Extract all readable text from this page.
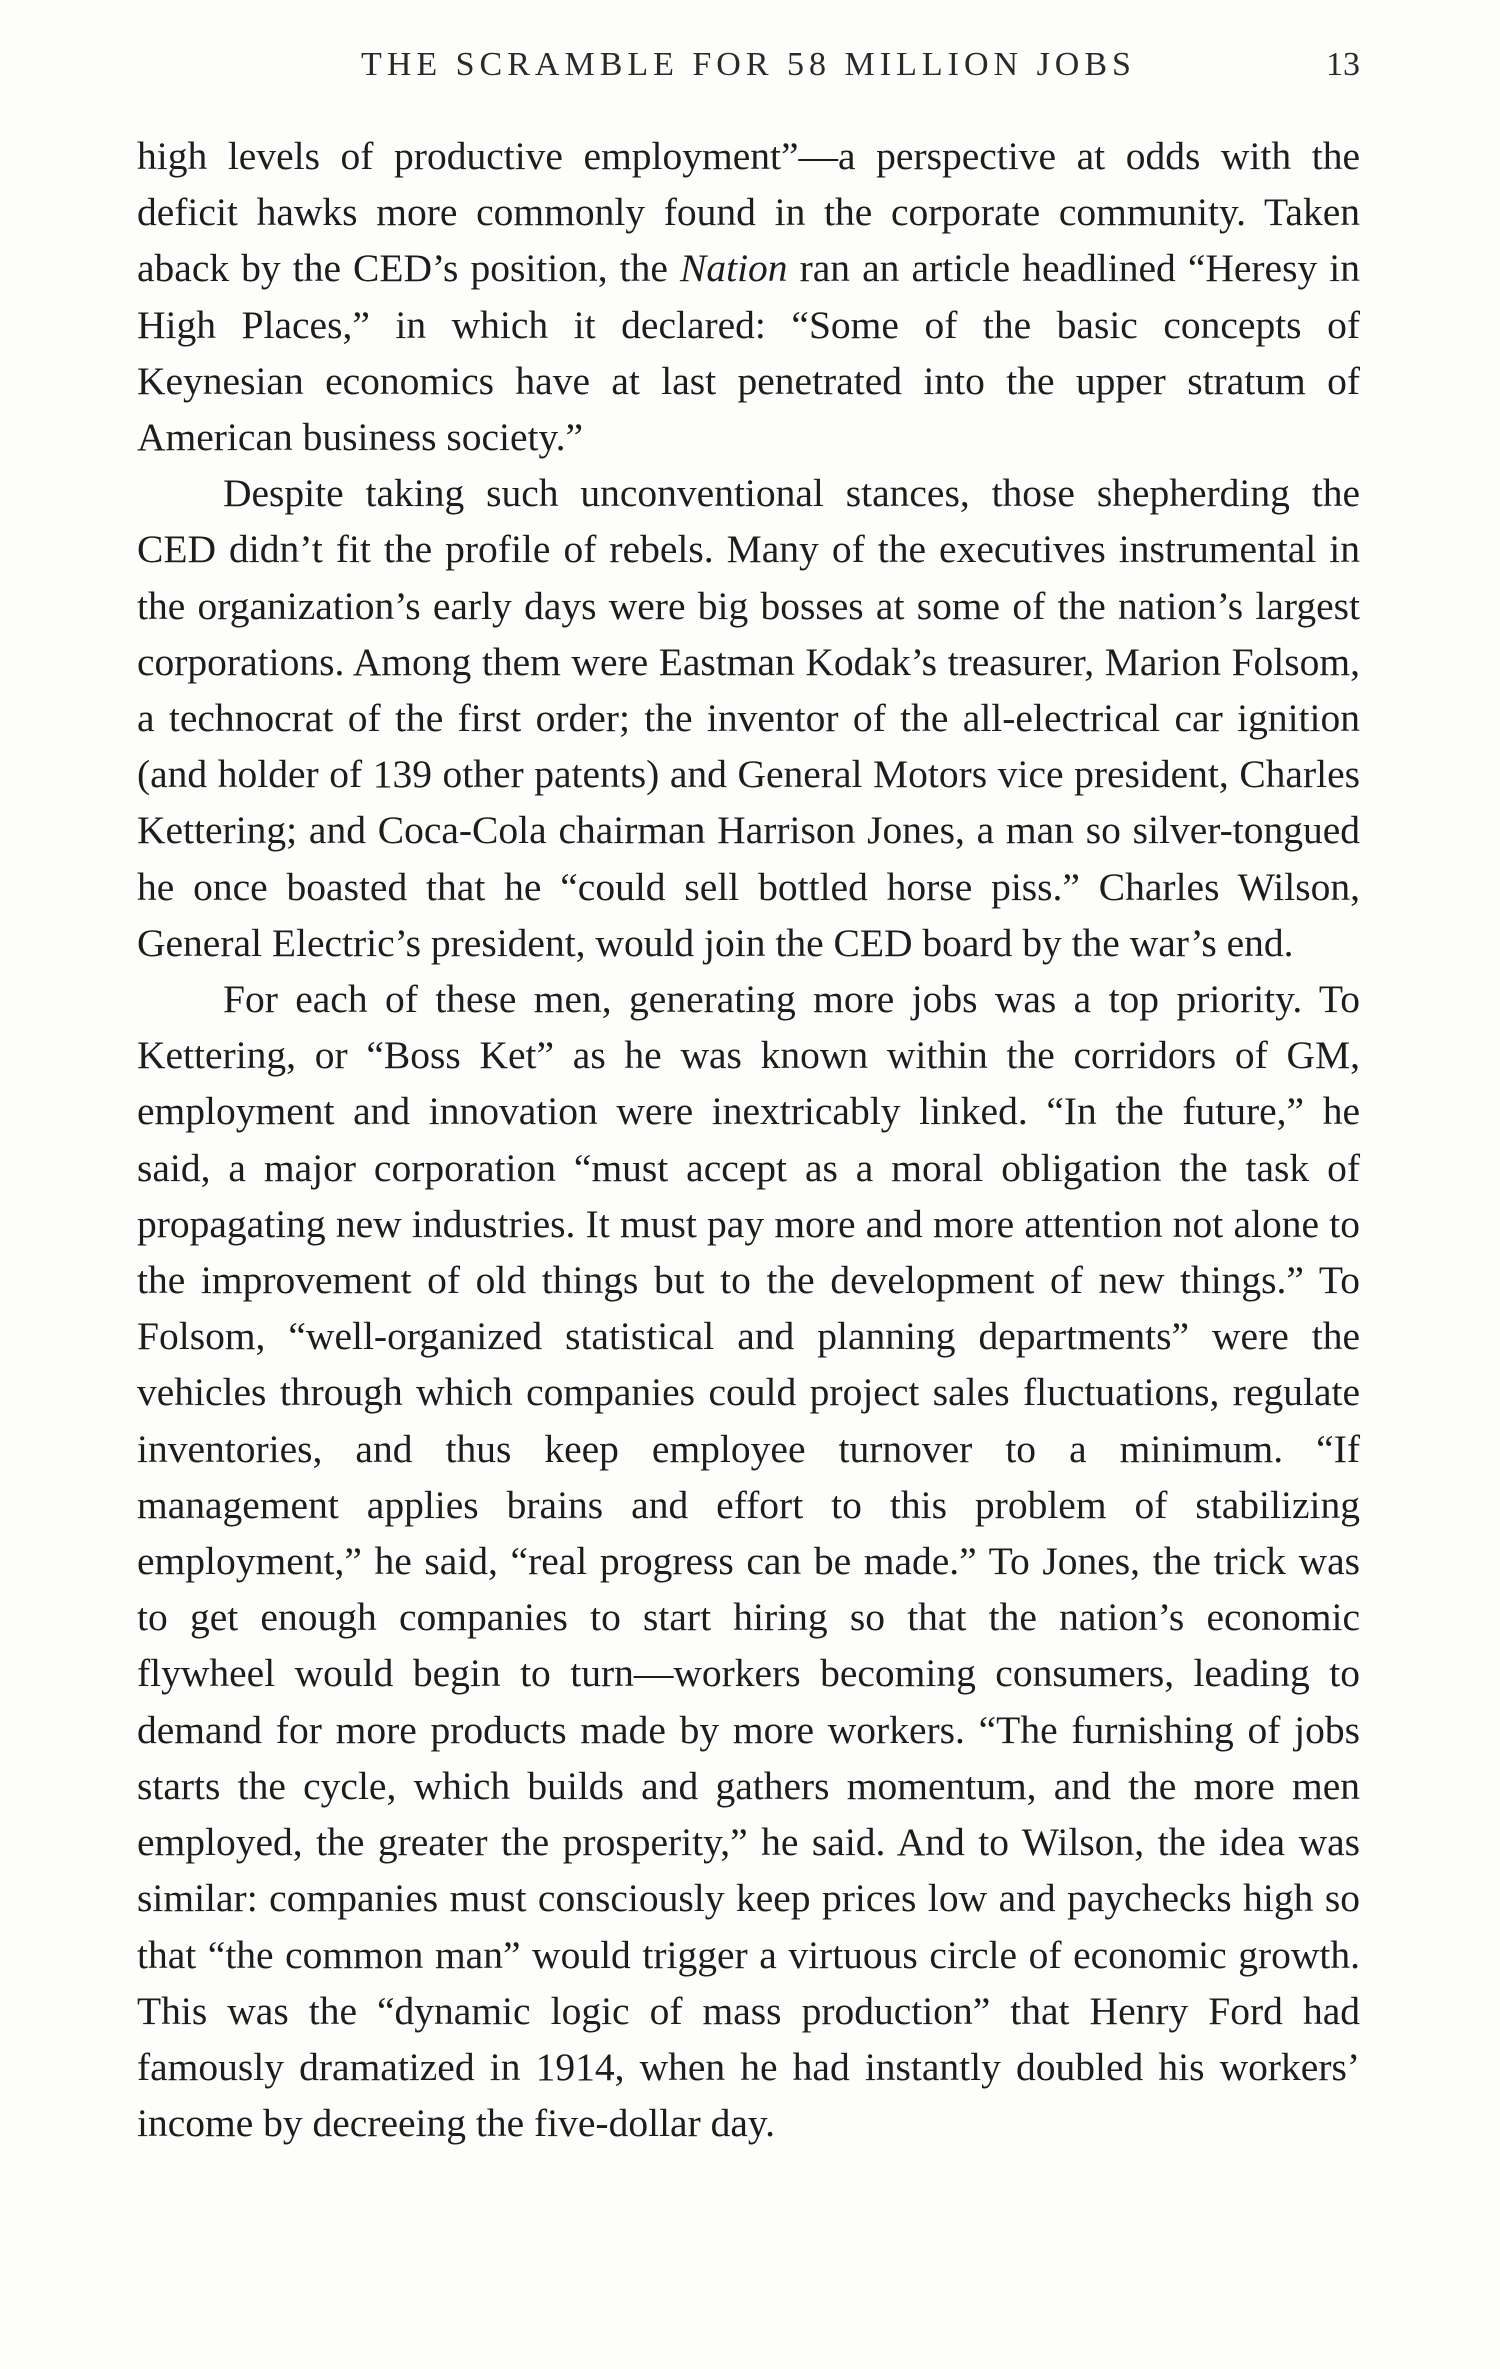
THE SCRAMBLE FOR 58 MILLION JOBS	13

high levels of productive employment”—a perspective at odds with the deficit hawks more commonly found in the corporate community. Taken aback by the CED’s position, the Nation ran an article headlined “Heresy in High Places,” in which it declared: “Some of the basic concepts of Keynesian economics have at last penetrated into the upper stratum of American business society.”

Despite taking such unconventional stances, those shepherding the CED didn’t fit the profile of rebels. Many of the executives instrumental in the organization’s early days were big bosses at some of the nation’s largest corporations. Among them were Eastman Kodak’s treasurer, Marion Folsom, a technocrat of the first order; the inventor of the all-electrical car ignition (and holder of 139 other patents) and General Motors vice president, Charles Kettering; and Coca-Cola chairman Harrison Jones, a man so silver-tongued he once boasted that he “could sell bottled horse piss.” Charles Wilson, General Electric’s president, would join the CED board by the war’s end.

For each of these men, generating more jobs was a top priority. To Kettering, or “Boss Ket” as he was known within the corridors of GM, employment and innovation were inextricably linked. “In the future,” he said, a major corporation “must accept as a moral obligation the task of propagating new industries. It must pay more and more attention not alone to the improvement of old things but to the development of new things.” To Folsom, “well-organized statistical and planning departments” were the vehicles through which companies could project sales fluctuations, regulate inventories, and thus keep employee turnover to a minimum. “If management applies brains and effort to this problem of stabilizing employment,” he said, “real progress can be made.” To Jones, the trick was to get enough companies to start hiring so that the nation’s economic flywheel would begin to turn—workers becoming consumers, leading to demand for more products made by more workers. “The furnishing of jobs starts the cycle, which builds and gathers momentum, and the more men employed, the greater the prosperity,” he said. And to Wilson, the idea was similar: companies must consciously keep prices low and paychecks high so that “the common man” would trigger a virtuous circle of economic growth. This was the “dynamic logic of mass production” that Henry Ford had famously dramatized in 1914, when he had instantly doubled his workers’ income by decreeing the five-dollar day.
